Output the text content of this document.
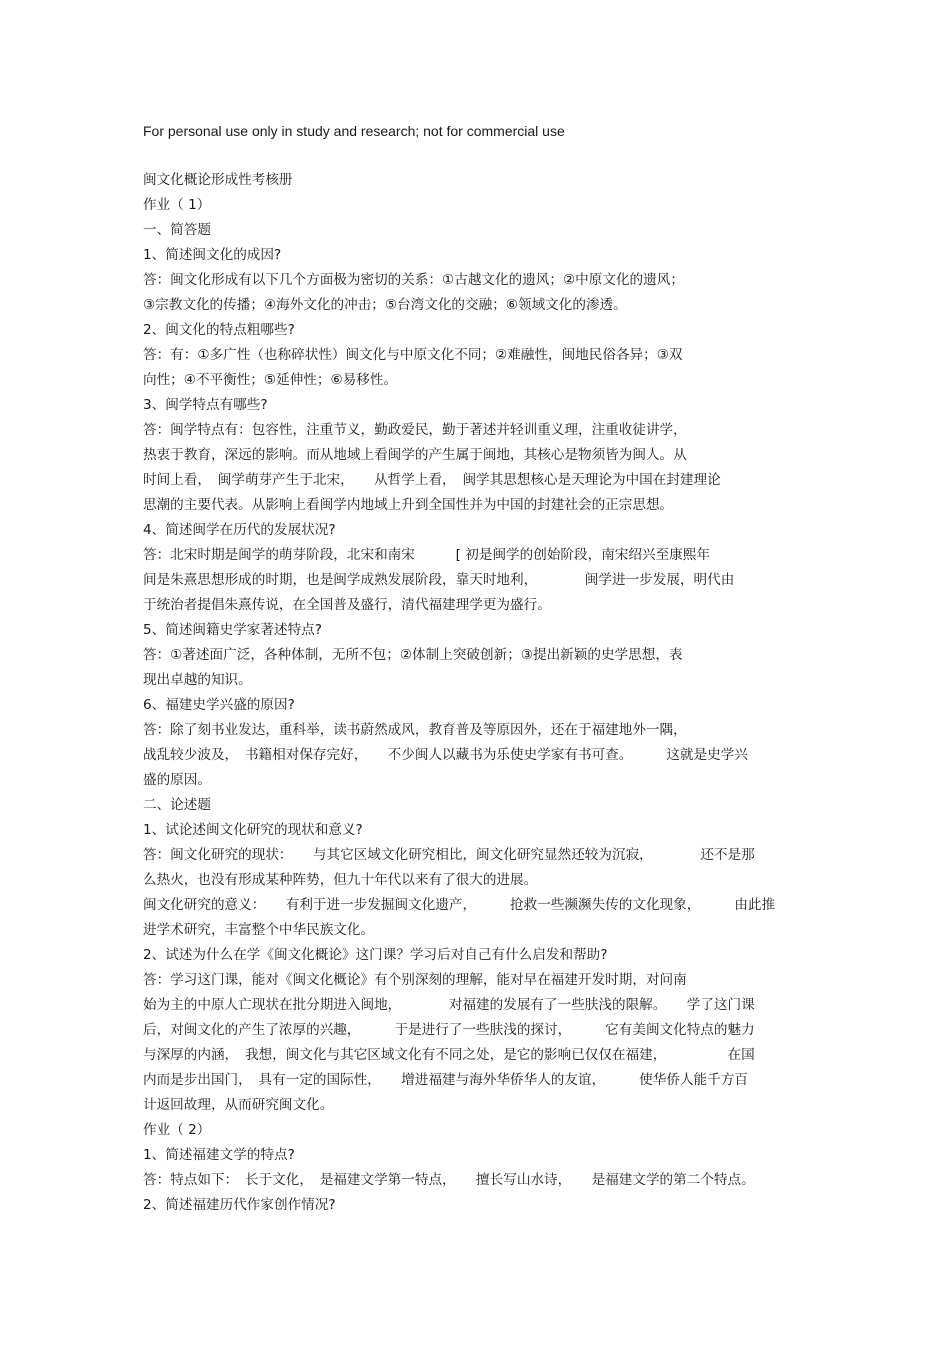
For personal use only in study and research; not for commercial use
闽文化概论形成性考核册
作业（ 1）
一、简答题
1、简述闽文化的成因?
答：闽文化形成有以下几个方面极为密切的关系：①古越文化的遗风；②中原文化的遗风；
③宗教文化的传播；④海外文化的冲击；⑤台湾文化的交融；⑥领域文化的渗透。
2、闽文化的特点粗哪些?
答：有：①多广性（也称碎状性）闽文化与中原文化不同；②难融性，闽地民俗各异；③双
向性；④不平衡性；⑤延伸性；⑥易移性。
3、闽学特点有哪些?
答：闽学特点有：包容性，注重节义，勤政爱民，勤于著述并轻训重义理，注重收徒讲学，
热衷于教育，深远的影响。而从地域上看闽学的产生属于闽地，其核心是物须皆为闽人。从
时间上看，　闽学萌芽产生于北宋，　　从哲学上看，　闽学其思想核心是天理论为中国在封建理论
思潮的主要代表。从影响上看闽学内地域上升到全国性并为中国的封建社会的正宗思想。
4、简述闽学在历代的发展状况?
答：北宋时期是闽学的萌芽阶段，北宋和南宋　　　[ 初是闽学的创始阶段，南宋绍兴至康熙年
间是朱熹思想形成的时期，也是闽学成熟发展阶段，靠天时地利，　　　　闽学进一步发展，明代由
于统治者提倡朱熹传说，在全国普及盛行，清代福建理学更为盛行。
5、简述闽籍史学家著述特点?
答：①著述面广泛，各种体制，无所不包；②体制上突破创新；③提出新颖的史学思想，表
现出卓越的知识。
6、福建史学兴盛的原因?
答：除了刻书业发达，重科举，读书蔚然成风，教育普及等原因外，还在于福建地外一隅，
战乱较少波及，　书籍相对保存完好，　　不少闽人以藏书为乐使史学家有书可查。　　　这就是史学兴
盛的原因。
二、论述题
1、试论述闽文化研究的现状和意义?
答：闽文化研究的现状：　　与其它区域文化研究相比，闽文化研究显然还较为沉寂，　　　　还不是那
么热火，也没有形成某种阵势，但九十年代以来有了很大的进展。
闽文化研究的意义：　　有利于进一步发掘闽文化遗产，　　　抢救一些濒濒失传的文化现象，　　　由此推
进学术研究，丰富整个中华民族文化。
2、试述为什么在学《闽文化概论》这门课？学习后对自己有什么启发和帮助?
答：学习这门课，能对《闽文化概论》有个别深刻的理解，能对早在福建开发时期，对问南
始为主的中原人亡现状在批分期进入闽地，　　　　对福建的发展有了一些肤浅的限解。　　学了这门课
后，对闽文化的产生了浓厚的兴趣，　　　于是进行了一些肤浅的探讨，　　　它有美闽文化特点的魅力
与深厚的内涵，　我想，闽文化与其它区域文化有不同之处，是它的影响已仅仅在福建，　　　　　在国
内而是步出国门，　具有一定的国际性，　　增进福建与海外华侨华人的友谊，　　　使华侨人能千方百
计返回故理，从而研究闽文化。
作业（ 2）
1、简述福建文学的特点?
答：特点如下：　长于文化，　是福建文学第一特点，　　擅长写山水诗，　　是福建文学的第二个特点。
2、简述福建历代作家创作情况?
